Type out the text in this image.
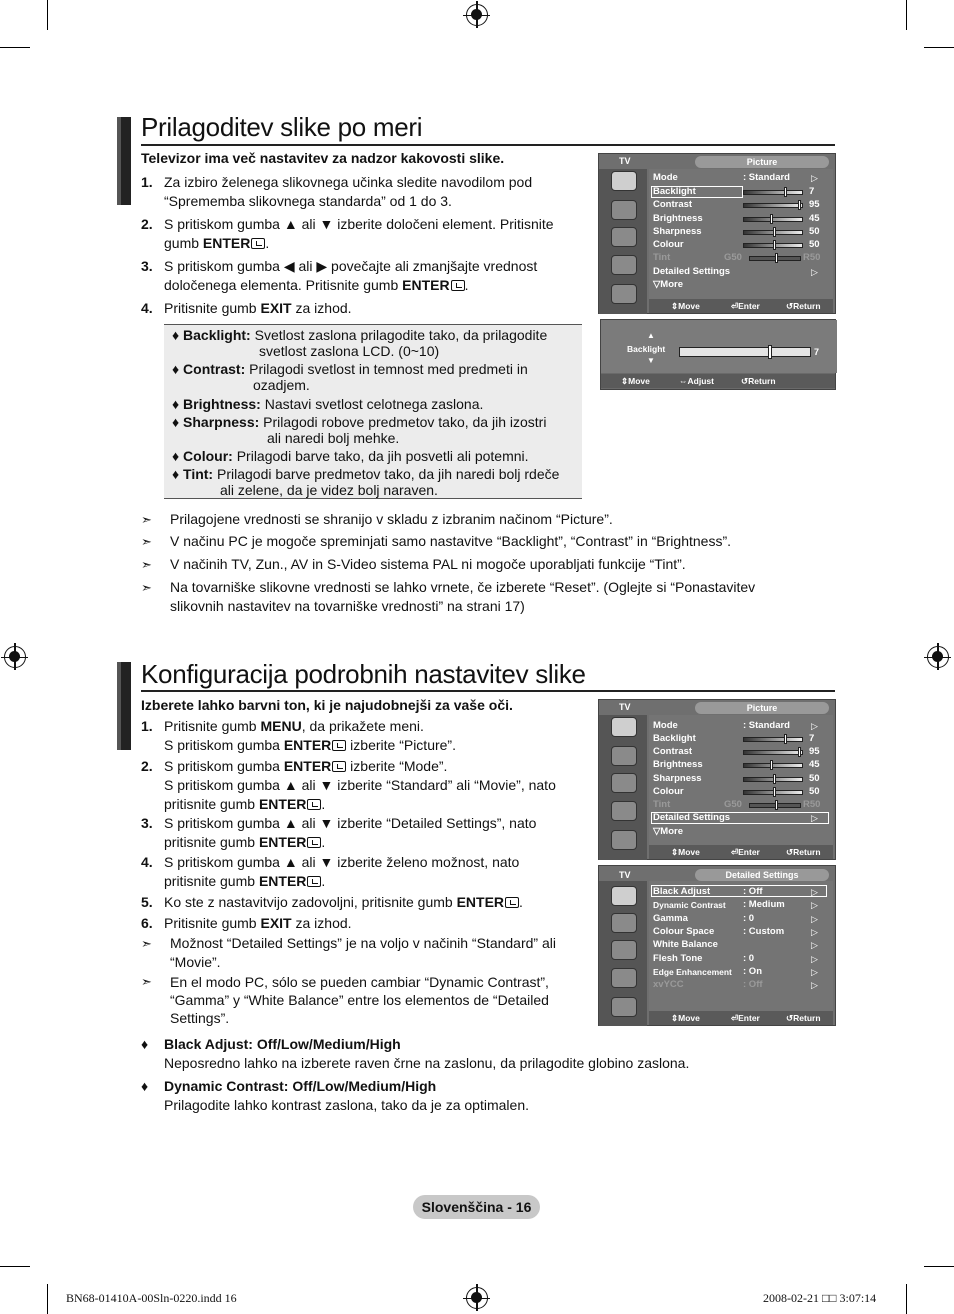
Prilagoditev slike po meri
Televizor ima več nastavitev za nadzor kakovosti slike.
1. Za izbiro želenega slikovnega učinka sledite navodilom pod
“Sprememba slikovnega standarda” od 1 do 3.
2. S pritiskom gumba ▲ ali ▼ izberite določeni element. Pritisnite
gumb ENTER .
3. S pritiskom gumba ◀ ali ▶ povečajte ali zmanjšajte vrednost
določenega elementa. Pritisnite gumb ENTER .
4. Pritisnite gumb EXIT za izhod.
♦ Backlight: Svetlost zaslona prilagodite tako, da prilagodite
svetlost zaslona LCD. (0~10)
♦ Contrast: Prilagodi svetlost in temnost med predmeti in
ozadjem.
♦ Brightness: Nastavi svetlost celotnega zaslona.
♦ Sharpness: Prilagodi robove predmetov tako, da jih izostri
ali naredi bolj mehke.
♦ Colour: Prilagodi barve tako, da jih posvetli ali potemni.
♦ Tint: Prilagodi barve predmetov tako, da jih naredi bolj rdeče
ali zelene, da je videz bolj naraven.
➣ Prilagojene vrednosti se shranijo v skladu z izbranim načinom “Picture”.
➣ V načinu PC je mogoče spreminjati samo nastavitve “Backlight”, “Contrast” in “Brightness”.
➣ V načinih TV, Zun., AV in S-Video sistema PAL ni mogoče uporabljati funkcije “Tint”.
➣ Na tovarniške slikovne vrednosti se lahko vrnete, če izberete “Reset”. (Oglejte si “Ponastavitev
slikovnih nastavitev na tovarniške vrednosti” na strani 17)
TV	Picture
Mode	: Standard ▷
Backlight	7
Contrast	95
Brightness	45
Sharpness	50
Colour	50
Tint	G50	R50
Detailed Settings	▷
▽More
⇕ Move	⏎ Enter	↺ Return
▲
Backlight
▼
7
⇕ Move	⇔ Adjust	↺ Return
Konfiguracija podrobnih nastavitev slike
Izberete lahko barvni ton, ki je najudobnejši za vaše oči.
1. Pritisnite gumb MENU, da prikažete meni.
S pritiskom gumba ENTER izberite “Picture”.
2. S pritiskom gumba ENTER izberite “Mode”.
S pritiskom gumba ▲ ali ▼ izberite “Standard” ali “Movie”, nato
pritisnite gumb ENTER .
3. S pritiskom gumba ▲ ali ▼ izberite “Detailed Settings”, nato
pritisnite gumb ENTER .
4. S pritiskom gumba ▲ ali ▼ izberite želeno možnost, nato
pritisnite gumb ENTER .
5. Ko ste z nastavitvijo zadovoljni, pritisnite gumb ENTER .
6. Pritisnite gumb EXIT za izhod.
➣ Možnost “Detailed Settings” je na voljo v načinih “Standard” ali
“Movie”.
➣ En el modo PC, sólo se pueden cambiar “Dynamic Contrast”,
“Gamma” y “White Balance” entre los elementos de “Detailed
Settings”.
♦ Black Adjust: Off/Low/Medium/High
Neposredno lahko na izberete raven črne na zaslonu, da prilagodite globino zaslona.
♦ Dynamic Contrast: Off/Low/Medium/High
Prilagodite lahko kontrast zaslona, tako da je za optimalen.
TV	Picture
Mode	: Standard ▷
Backlight	7
Contrast	95
Brightness	45
Sharpness	50
Colour	50
Tint	G50	R50
Detailed Settings	▷
▽More
⇕ Move	⏎ Enter	↺ Return
TV	Detailed Settings
Black Adjust	: Off	▷
Dynamic Contrast : Medium	▷
Gamma	: 0	▷
Colour Space	: Custom	▷
White Balance	▷
Flesh Tone	: 0	▷
Edge Enhancement : On	▷
xvYCC	: Off	▷
⇕ Move	⏎ Enter	↺ Return
Slovenščina - 16
BN68-01410A-00Sln-0220.indd 16	2008-02-21 □□ 3:07:14
